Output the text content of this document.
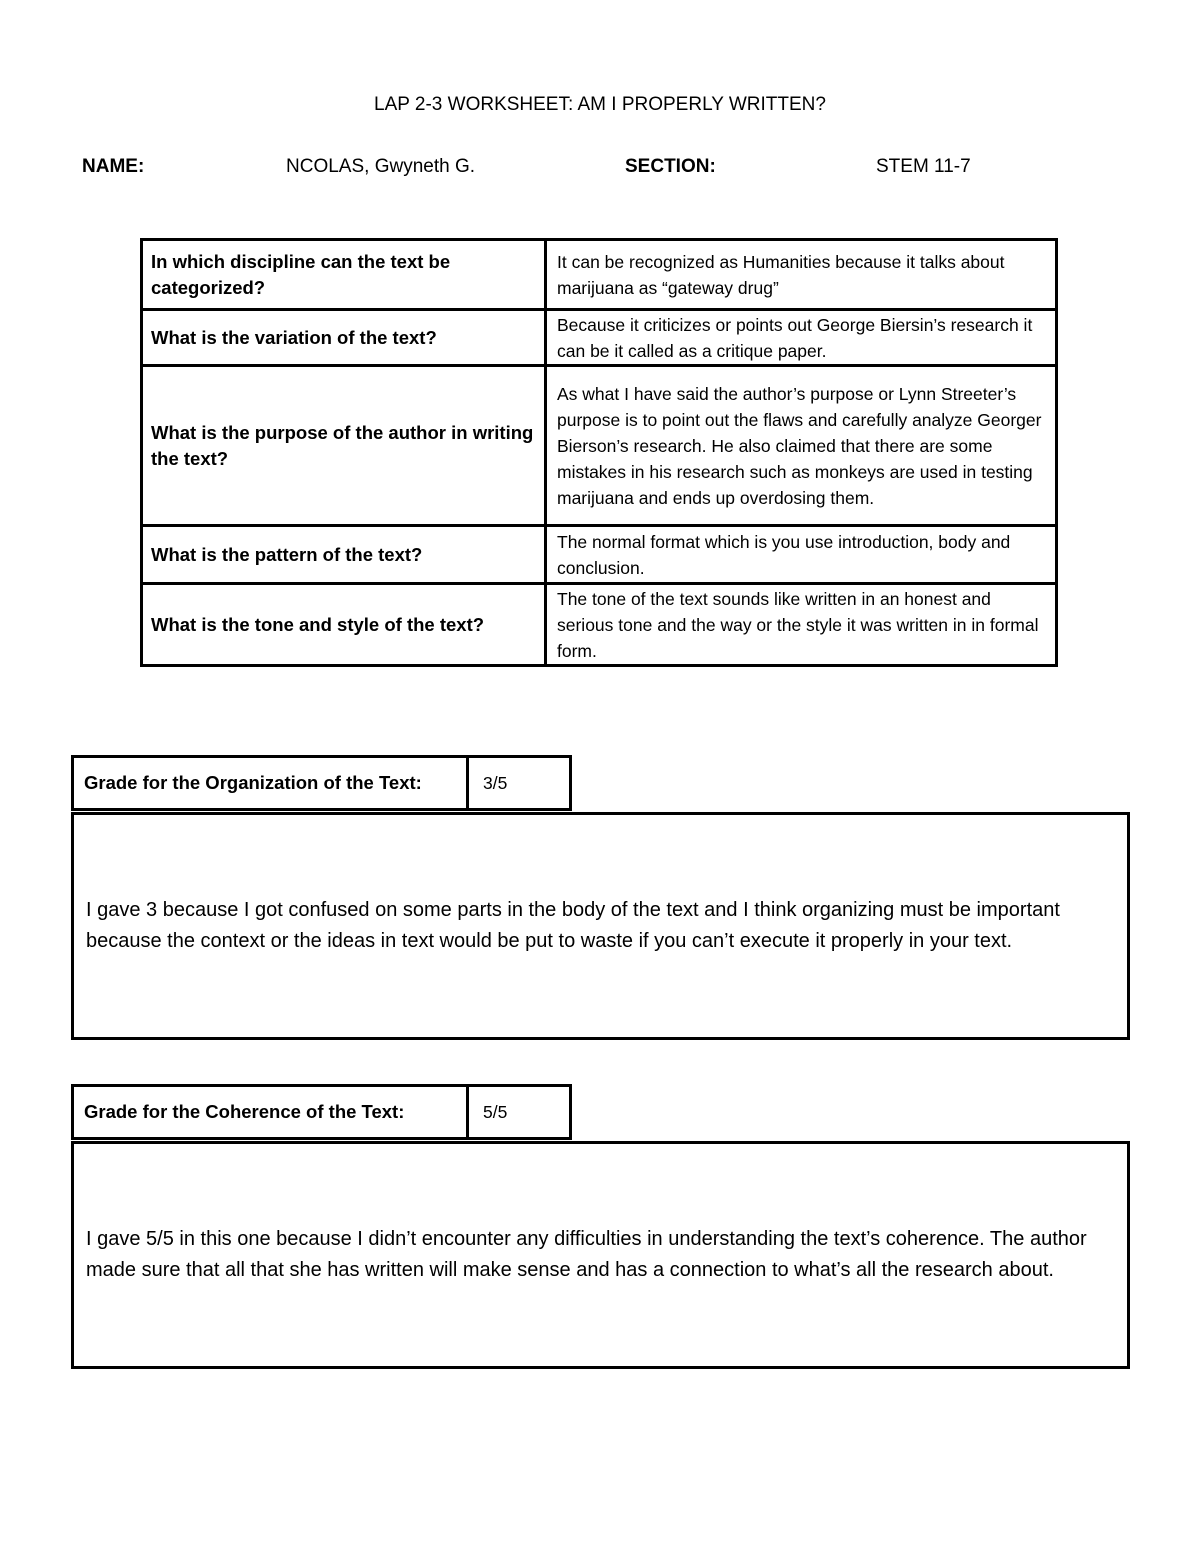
LAP 2-3 WORKSHEET: AM I PROPERLY WRITTEN?
NAME:	NCOLAS, Gwyneth G.	SECTION:	STEM 11-7
In which discipline can the text be categorized?	It can be recognized as Humanities because it talks about marijuana as “gateway drug”
What is the variation of the text?	Because it criticizes or points out George Biersin’s research it can be it called as a critique paper.
What is the purpose of the author in writing the text?	As what I have said the author’s purpose or Lynn Streeter’s purpose is to point out the flaws and carefully analyze Georger Bierson’s research. He also claimed that there are some mistakes in his research such as monkeys are used in testing marijuana and ends up overdosing them.
What is the pattern of the text?	The normal format which is you use introduction, body and conclusion.
What is the tone and style of the text?	The tone of the text sounds like written in an honest and serious tone and the way or the style it was written in in formal form.
Grade for the Organization of the Text:	3/5
I gave 3 because I got confused on some parts in the body of the text and I think organizing must be important because the context or the ideas in text would be put to waste if you can’t execute it properly in your text.
Grade for the Coherence of the Text:	5/5
I gave 5/5 in this one because I didn’t encounter any difficulties in understanding the text’s coherence. The author made sure that all that she has written will make sense and has a connection to what’s all the research about.
